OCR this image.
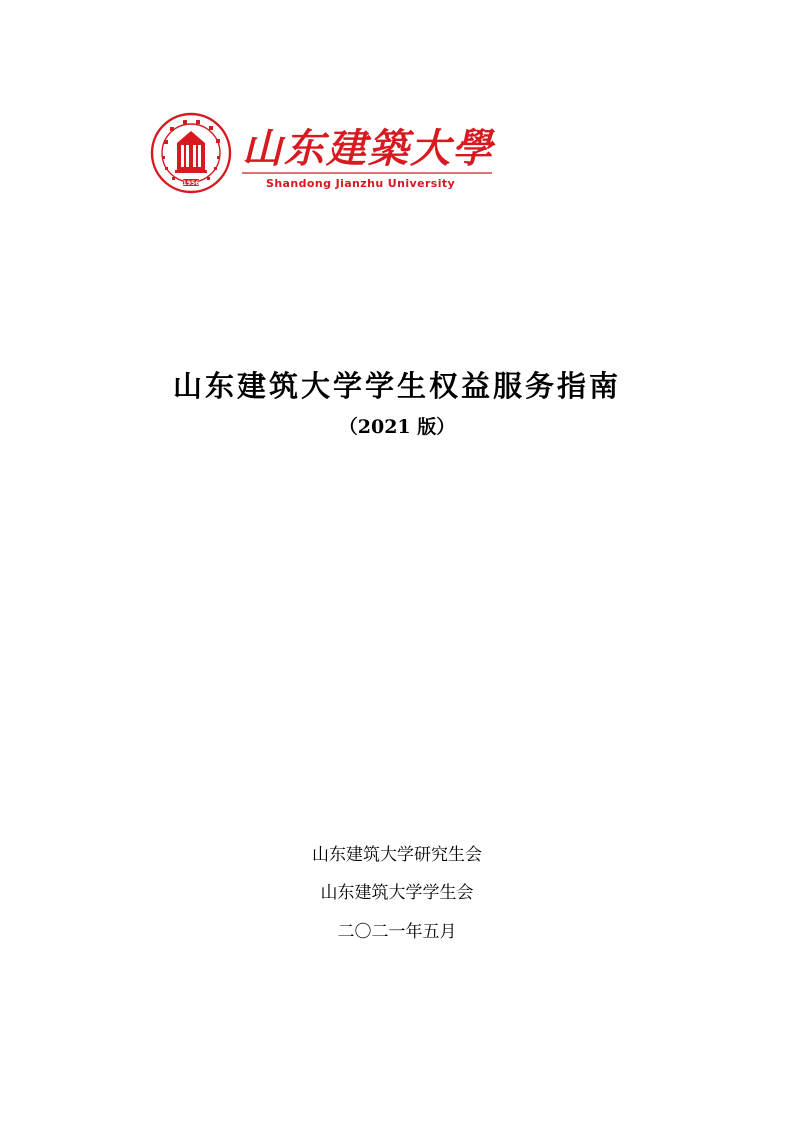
1956
山东建築大學
Shandong Jianzhu University
山东建筑大学学生权益服务指南
（2021 版）
山东建筑大学研究生会
山东建筑大学学生会
二〇二一年五月
